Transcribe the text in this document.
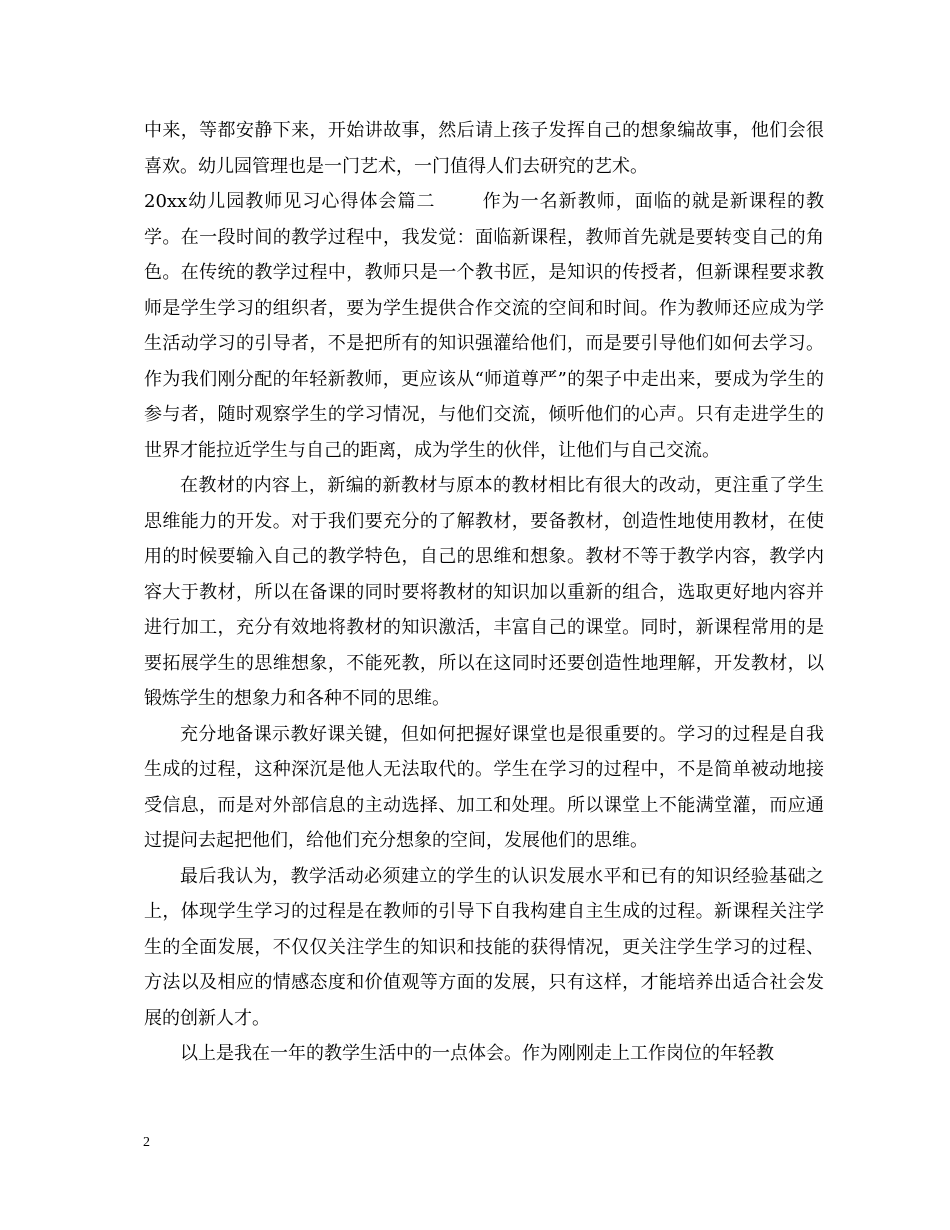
中来，等都安静下来，开始讲故事，然后请上孩子发挥自己的想象编故事，他们会很喜欢。幼儿园管理也是一门艺术，一门值得人们去研究的艺术。

20xx幼儿园教师见习心得体会篇二	作为一名新教师，面临的就是新课程的教学。在一段时间的教学过程中，我发觉：面临新课程，教师首先就是要转变自己的角色。在传统的教学过程中，教师只是一个教书匠，是知识的传授者，但新课程要求教师是学生学习的组织者，要为学生提供合作交流的空间和时间。作为教师还应成为学生活动学习的引导者，不是把所有的知识强灌给他们，而是要引导他们如何去学习。作为我们刚分配的年轻新教师，更应该从“师道尊严”的架子中走出来，要成为学生的参与者，随时观察学生的学习情况，与他们交流，倾听他们的心声。只有走进学生的世界才能拉近学生与自己的距离，成为学生的伙伴，让他们与自己交流。

在教材的内容上，新编的新教材与原本的教材相比有很大的改动，更注重了学生思维能力的开发。对于我们要充分的了解教材，要备教材，创造性地使用教材，在使用的时候要输入自己的教学特色，自己的思维和想象。教材不等于教学内容，教学内容大于教材，所以在备课的同时要将教材的知识加以重新的组合，选取更好地内容并进行加工，充分有效地将教材的知识激活，丰富自己的课堂。同时，新课程常用的是要拓展学生的思维想象，不能死教，所以在这同时还要创造性地理解，开发教材，以锻炼学生的想象力和各种不同的思维。

充分地备课示教好课关键，但如何把握好课堂也是很重要的。学习的过程是自我生成的过程，这种深沉是他人无法取代的。学生在学习的过程中，不是简单被动地接受信息，而是对外部信息的主动选择、加工和处理。所以课堂上不能满堂灌，而应通过提问去起把他们，给他们充分想象的空间，发展他们的思维。

最后我认为，教学活动必须建立的学生的认识发展水平和已有的知识经验基础之上，体现学生学习的过程是在教师的引导下自我构建自主生成的过程。新课程关注学生的全面发展，不仅仅关注学生的知识和技能的获得情况，更关注学生学习的过程、方法以及相应的情感态度和价值观等方面的发展，只有这样，才能培养出适合社会发展的创新人才。

以上是我在一年的教学生活中的一点体会。作为刚刚走上工作岗位的年轻教

2
